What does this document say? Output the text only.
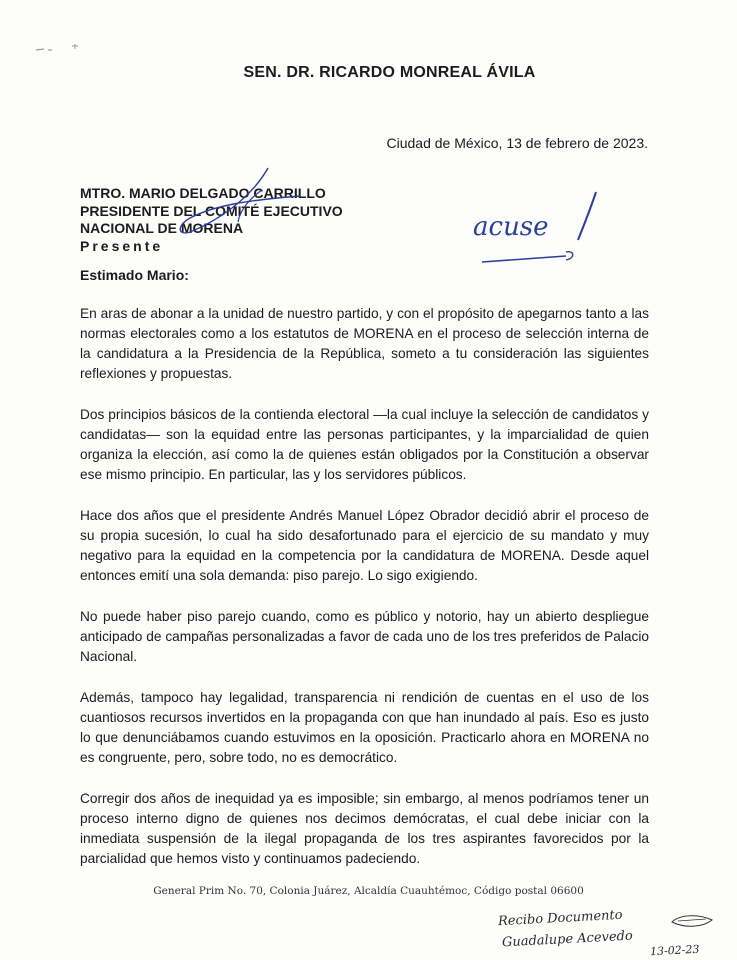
SEN. DR. RICARDO MONREAL ÁVILA
Ciudad de México, 13 de febrero de 2023.
MTRO. MARIO DELGADO CARRILLO
PRESIDENTE DEL COMITÉ EJECUTIVO
NACIONAL DE MORENA
Presente
Estimado Mario:

En aras de abonar a la unidad de nuestro partido, y con el propósito de apegarnos tanto a las normas electorales como a los estatutos de MORENA en el proceso de selección interna de la candidatura a la Presidencia de la República, someto a tu consideración las siguientes reflexiones y propuestas.

Dos principios básicos de la contienda electoral —la cual incluye la selección de candidatos y candidatas— son la equidad entre las personas participantes, y la imparcialidad de quien organiza la elección, así como la de quienes están obligados por la Constitución a observar ese mismo principio. En particular, las y los servidores públicos.

Hace dos años que el presidente Andrés Manuel López Obrador decidió abrir el proceso de su propia sucesión, lo cual ha sido desafortunado para el ejercicio de su mandato y muy negativo para la equidad en la competencia por la candidatura de MORENA. Desde aquel entonces emití una sola demanda: piso parejo. Lo sigo exigiendo.

No puede haber piso parejo cuando, como es público y notorio, hay un abierto despliegue anticipado de campañas personalizadas a favor de cada uno de los tres preferidos de Palacio Nacional.

Además, tampoco hay legalidad, transparencia ni rendición de cuentas en el uso de los cuantiosos recursos invertidos en la propaganda con que han inundado al país. Eso es justo lo que denunciábamos cuando estuvimos en la oposición. Practicarlo ahora en MORENA no es congruente, pero, sobre todo, no es democrático.

Corregir dos años de inequidad ya es imposible; sin embargo, al menos podríamos tener un proceso interno digno de quienes nos decimos demócratas, el cual debe iniciar con la inmediata suspensión de la ilegal propaganda de los tres aspirantes favorecidos por la parcialidad que hemos visto y continuamos padeciendo.

General Prim No. 70, Colonia Juárez, Alcaldía Cuauhtémoc, Código postal 06600
acuse
Recibo Documento
Guadalupe Acevedo
13-02-23
